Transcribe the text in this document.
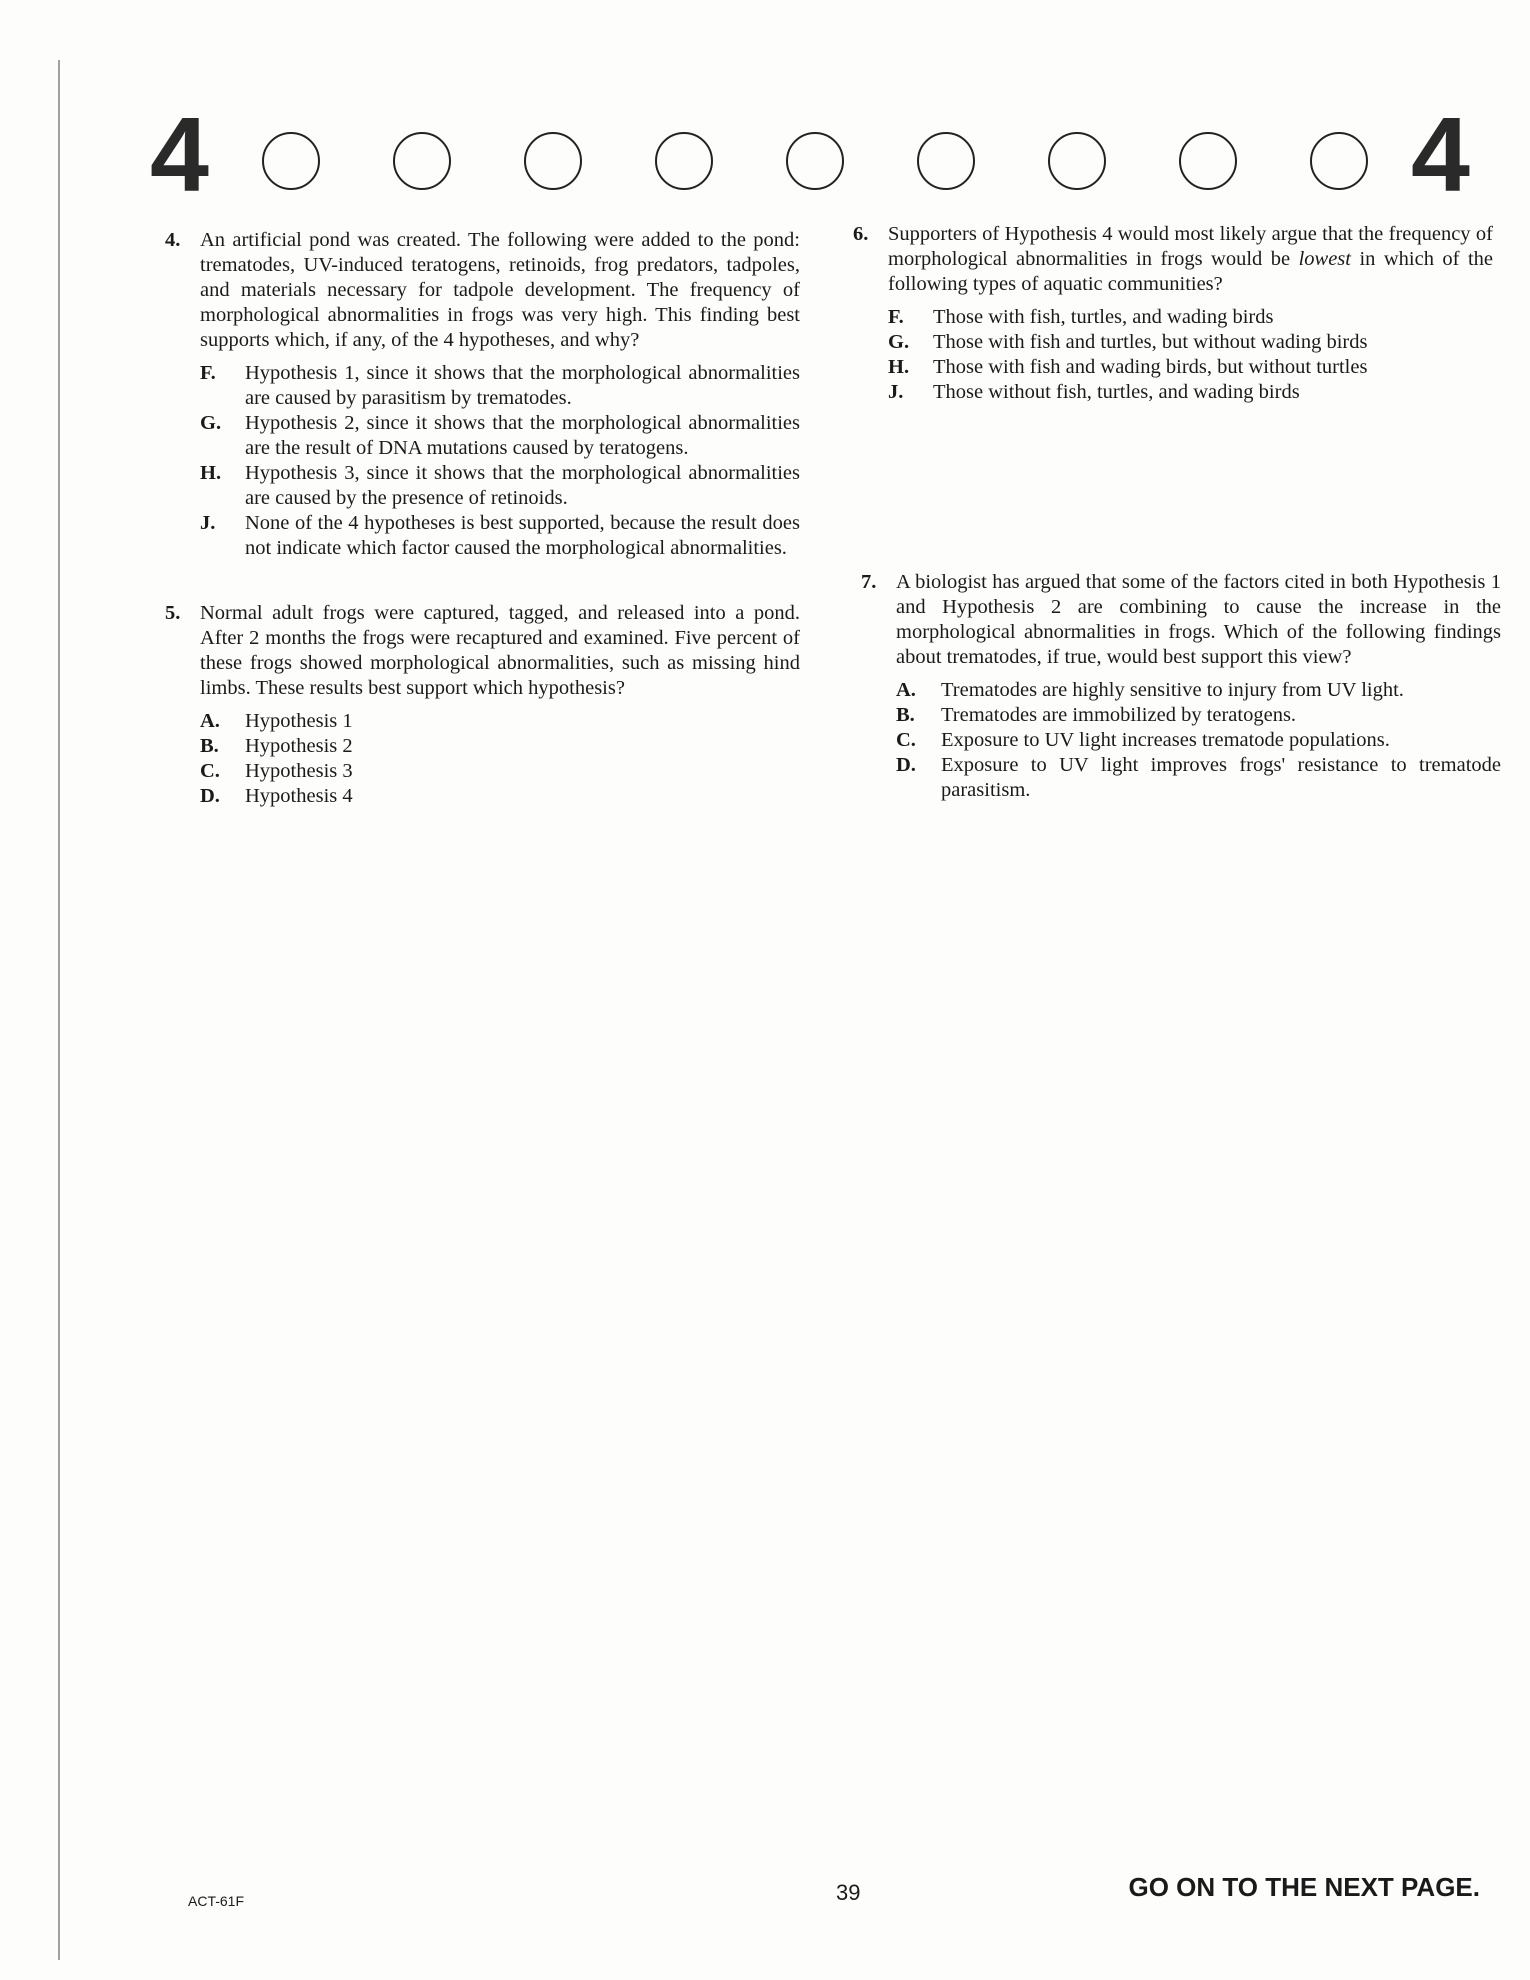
4	4
4. An artificial pond was created. The following were added to the pond: trematodes, UV-induced teratogens, retinoids, frog predators, tadpoles, and materials necessary for tadpole development. The frequency of morphological abnormalities in frogs was very high. This finding best supports which, if any, of the 4 hypotheses, and why?
F. Hypothesis 1, since it shows that the morphological abnormalities are caused by parasitism by trematodes.
G. Hypothesis 2, since it shows that the morphological abnormalities are the result of DNA mutations caused by teratogens.
H. Hypothesis 3, since it shows that the morphological abnormalities are caused by the presence of retinoids.
J. None of the 4 hypotheses is best supported, because the result does not indicate which factor caused the morphological abnormalities.
5. Normal adult frogs were captured, tagged, and released into a pond. After 2 months the frogs were recaptured and examined. Five percent of these frogs showed morphological abnormalities, such as missing hind limbs. These results best support which hypothesis?
A. Hypothesis 1
B. Hypothesis 2
C. Hypothesis 3
D. Hypothesis 4
6. Supporters of Hypothesis 4 would most likely argue that the frequency of morphological abnormalities in frogs would be lowest in which of the following types of aquatic communities?
F. Those with fish, turtles, and wading birds
G. Those with fish and turtles, but without wading birds
H. Those with fish and wading birds, but without turtles
J. Those without fish, turtles, and wading birds
7. A biologist has argued that some of the factors cited in both Hypothesis 1 and Hypothesis 2 are combining to cause the increase in the morphological abnormalities in frogs. Which of the following findings about trematodes, if true, would best support this view?
A. Trematodes are highly sensitive to injury from UV light.
B. Trematodes are immobilized by teratogens.
C. Exposure to UV light increases trematode populations.
D. Exposure to UV light improves frogs' resistance to trematode parasitism.
ACT-61F	39	GO ON TO THE NEXT PAGE.
